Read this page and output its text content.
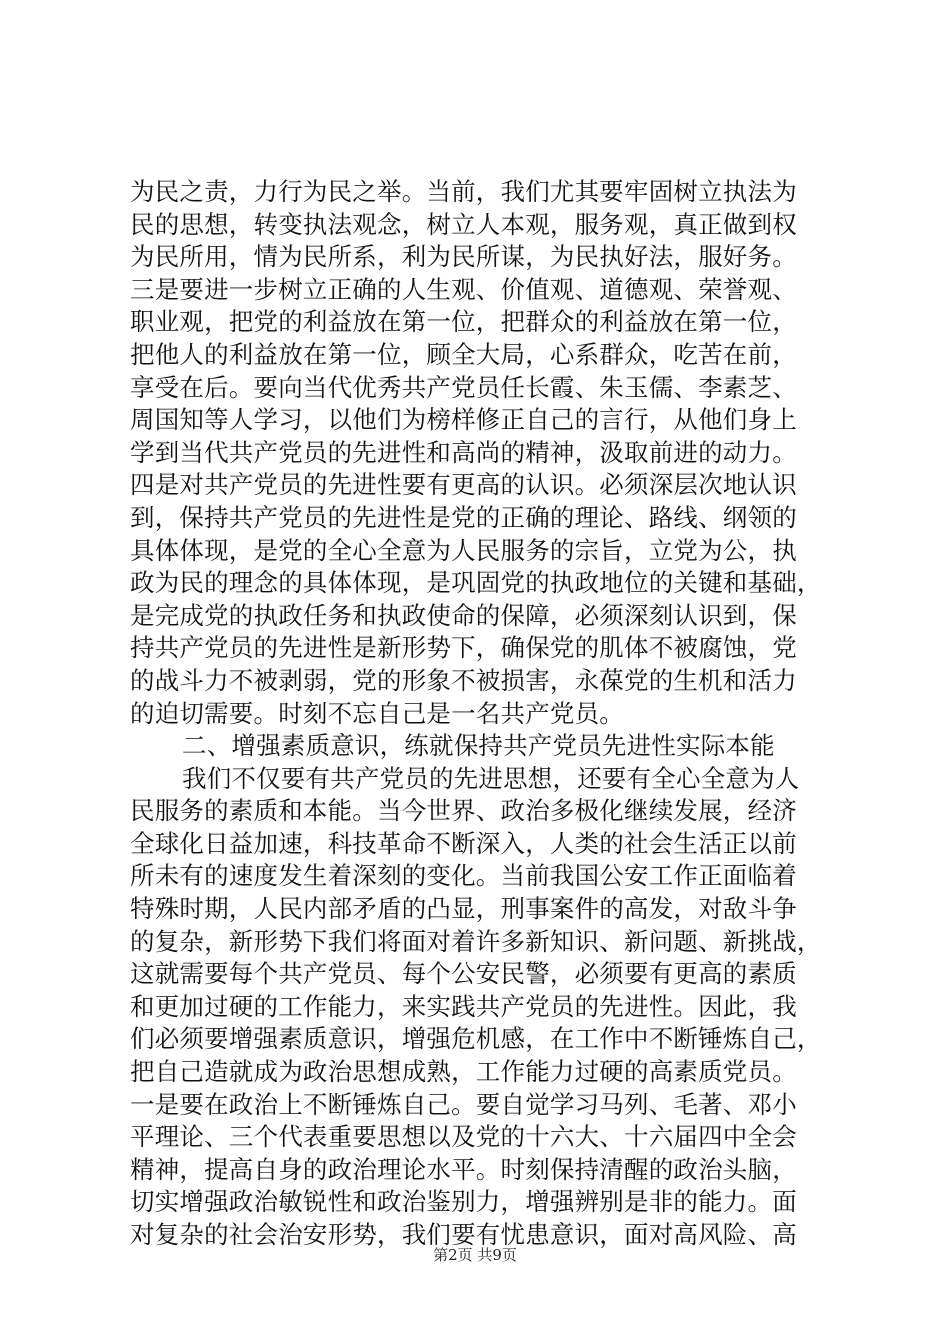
为民之责，力行为民之举。当前，我们尤其要牢固树立执法为
民的思想，转变执法观念，树立人本观，服务观，真正做到权
为民所用，情为民所系，利为民所谋，为民执好法，服好务。
三是要进一步树立正确的人生观、价值观、道德观、荣誉观、
职业观，把党的利益放在第一位，把群众的利益放在第一位，
把他人的利益放在第一位，顾全大局，心系群众，吃苦在前，
享受在后。要向当代优秀共产党员任长霞、朱玉儒、李素芝、
周国知等人学习，以他们为榜样修正自己的言行，从他们身上
学到当代共产党员的先进性和高尚的精神，汲取前进的动力。
四是对共产党员的先进性要有更高的认识。必须深层次地认识
到，保持共产党员的先进性是党的正确的理论、路线、纲领的
具体体现，是党的全心全意为人民服务的宗旨，立党为公，执
政为民的理念的具体体现，是巩固党的执政地位的关键和基础，
是完成党的执政任务和执政使命的保障，必须深刻认识到，保
持共产党员的先进性是新形势下，确保党的肌体不被腐蚀，党
的战斗力不被剥弱，党的形象不被损害，永葆党的生机和活力
的迫切需要。时刻不忘自己是一名共产党员。
二、增强素质意识，练就保持共产党员先进性实际本能
我们不仅要有共产党员的先进思想，还要有全心全意为人
民服务的素质和本能。当今世界、政治多极化继续发展，经济
全球化日益加速，科技革命不断深入，人类的社会生活正以前
所未有的速度发生着深刻的变化。当前我国公安工作正面临着
特殊时期，人民内部矛盾的凸显，刑事案件的高发，对敌斗争
的复杂，新形势下我们将面对着许多新知识、新问题、新挑战，
这就需要每个共产党员、每个公安民警，必须要有更高的素质
和更加过硬的工作能力，来实践共产党员的先进性。因此，我
们必须要增强素质意识，增强危机感，在工作中不断锤炼自己，
把自己造就成为政治思想成熟，工作能力过硬的高素质党员。
一是要在政治上不断锤炼自己。要自觉学习马列、毛著、邓小
平理论、三个代表重要思想以及党的十六大、十六届四中全会
精神，提高自身的政治理论水平。时刻保持清醒的政治头脑，
切实增强政治敏锐性和政治鉴别力，增强辨别是非的能力。面
对复杂的社会治安形势，我们要有忧患意识，面对高风险、高
第2页 共9页
